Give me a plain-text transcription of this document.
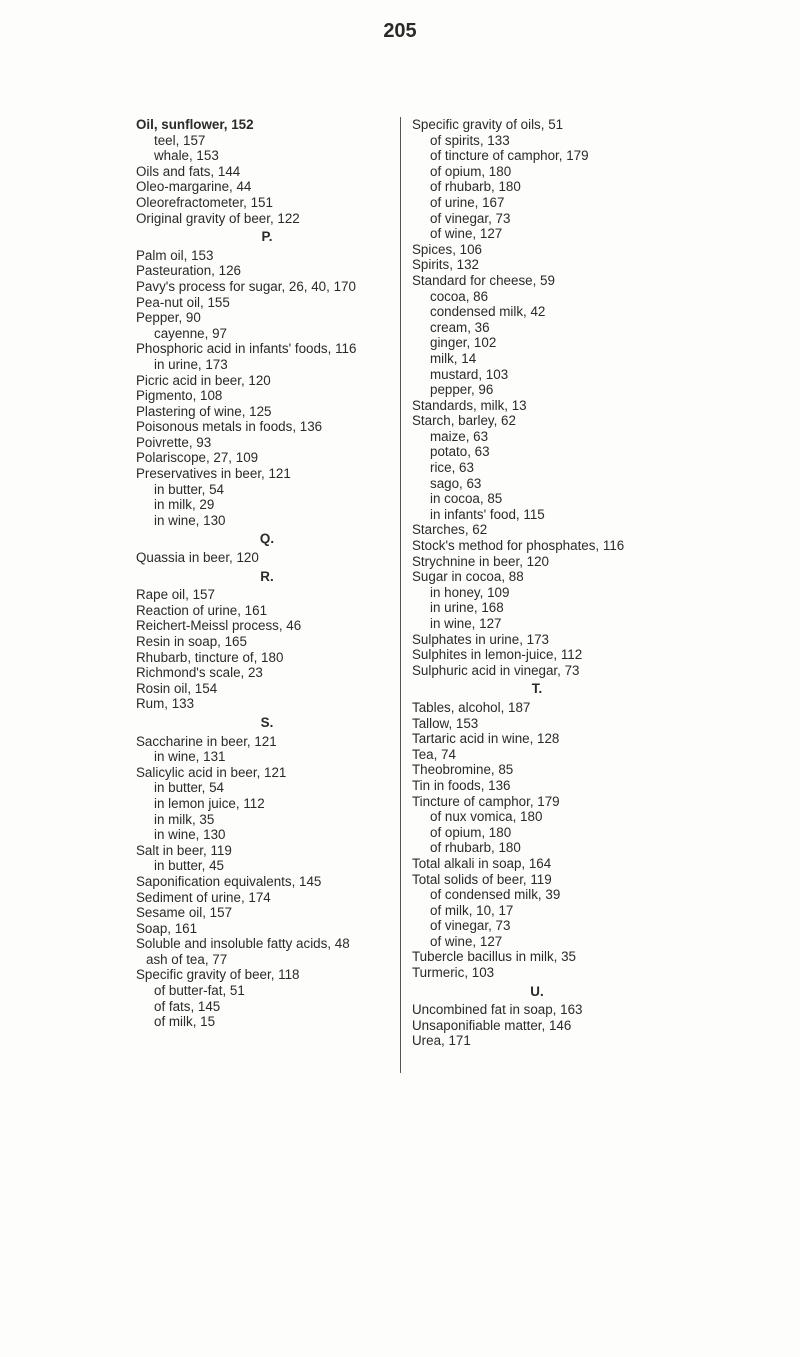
205
Oil, sunflower, 152
teel, 157
whale, 153
Oils and fats, 144
Oleo-margarine, 44
Oleorefractometer, 151
Original gravity of beer, 122
P.
Palm oil, 153
Pasteuration, 126
Pavy's process for sugar, 26, 40, 170
Pea-nut oil, 155
Pepper, 90
cayenne, 97
Phosphoric acid in infants' foods, 116
in urine, 173
Picric acid in beer, 120
Pigmento, 108
Plastering of wine, 125
Poisonous metals in foods, 136
Poivrette, 93
Polariscope, 27, 109
Preservatives in beer, 121
in butter, 54
in milk, 29
in wine, 130
Q.
Quassia in beer, 120
R.
Rape oil, 157
Reaction of urine, 161
Reichert-Meissl process, 46
Resin in soap, 165
Rhubarb, tincture of, 180
Richmond's scale, 23
Rosin oil, 154
Rum, 133
S.
Saccharine in beer, 121
in wine, 131
Salicylic acid in beer, 121
in butter, 54
in lemon juice, 112
in milk, 35
in wine, 130
Salt in beer, 119
in butter, 45
Saponification equivalents, 145
Sediment of urine, 174
Sesame oil, 157
Soap, 161
Soluble and insoluble fatty acids, 48
ash of tea, 77
Specific gravity of beer, 118
of butter-fat, 51
of fats, 145
of milk, 15
Specific gravity of oils, 51
of spirits, 133
of tincture of camphor, 179
of opium, 180
of rhubarb, 180
of urine, 167
of vinegar, 73
of wine, 127
Spices, 106
Spirits, 132
Standard for cheese, 59
cocoa, 86
condensed milk, 42
cream, 36
ginger, 102
milk, 14
mustard, 103
pepper, 96
Standards, milk, 13
Starch, barley, 62
maize, 63
potato, 63
rice, 63
sago, 63
in cocoa, 85
in infants' food, 115
Starches, 62
Stock's method for phosphates, 116
Strychnine in beer, 120
Sugar in cocoa, 88
in honey, 109
in urine, 168
in wine, 127
Sulphates in urine, 173
Sulphites in lemon-juice, 112
Sulphuric acid in vinegar, 73
T.
Tables, alcohol, 187
Tallow, 153
Tartaric acid in wine, 128
Tea, 74
Theobromine, 85
Tin in foods, 136
Tincture of camphor, 179
of nux vomica, 180
of opium, 180
of rhubarb, 180
Total alkali in soap, 164
Total solids of beer, 119
of condensed milk, 39
of milk, 10, 17
of vinegar, 73
of wine, 127
Tubercle bacillus in milk, 35
Turmeric, 103
U.
Uncombined fat in soap, 163
Unsaponifiable matter, 146
Urea, 171
